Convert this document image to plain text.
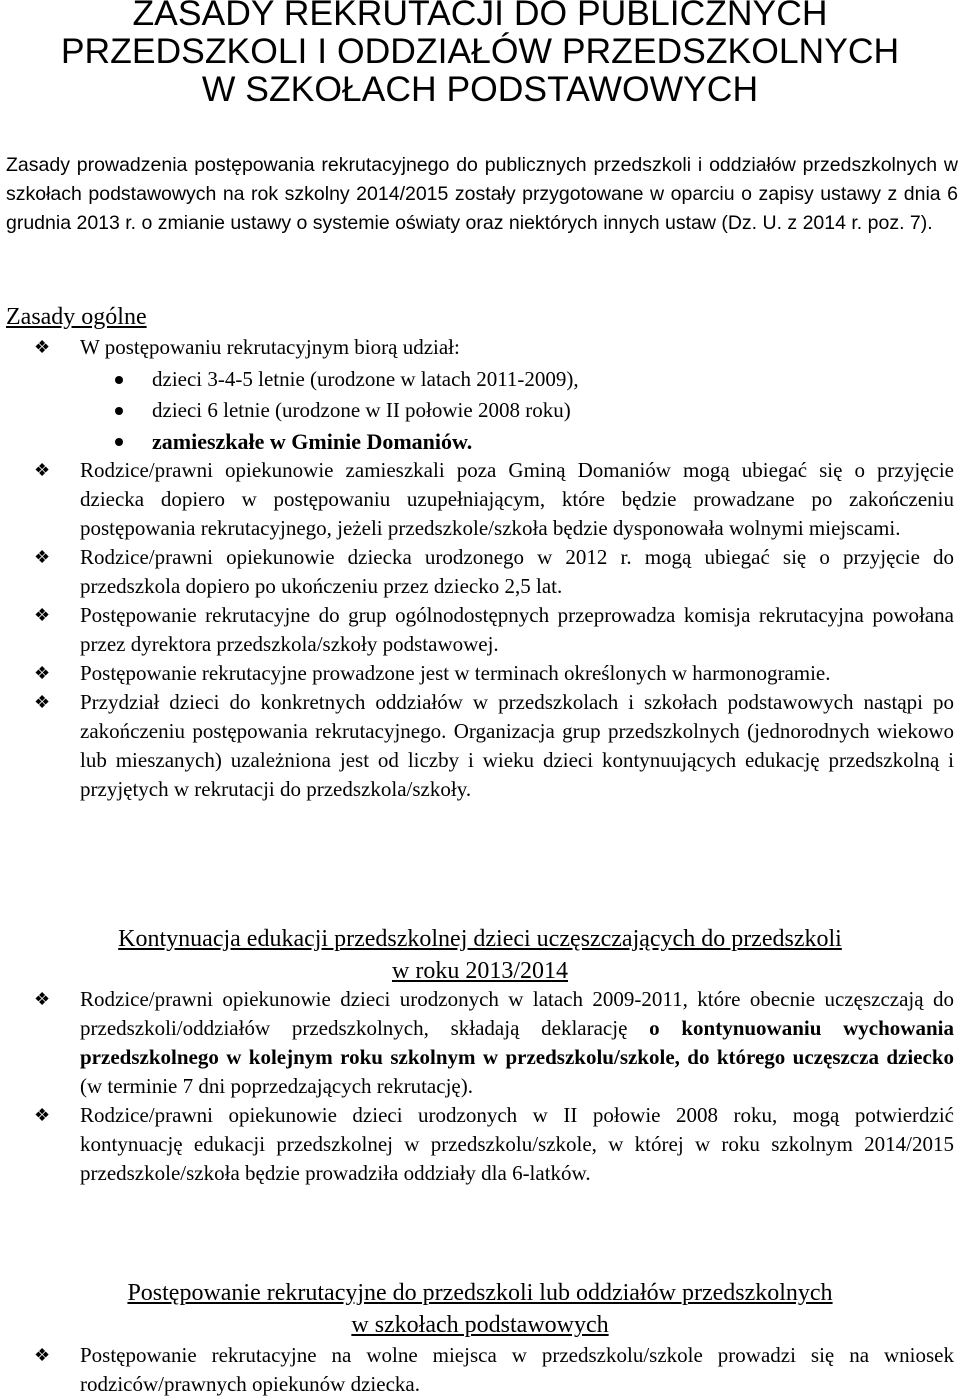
ZASADY REKRUTACJI DO PUBLICZNYCH
PRZEDSZKOLI I ODDZIAŁÓW PRZEDSZKOLNYCH
W SZKOŁACH PODSTAWOWYCH

Zasady prowadzenia postępowania rekrutacyjnego do publicznych przedszkoli i oddziałów przedszkolnych w szkołach podstawowych na rok szkolny 2014/2015 zostały przygotowane w oparciu o zapisy ustawy z dnia 6 grudnia 2013 r. o zmianie ustawy o systemie oświaty oraz niektórych innych ustaw (Dz. U. z 2014 r. poz. 7).

Zasady ogólne
❖ W postępowaniu rekrutacyjnym biorą udział:
dzieci 3-4-5 letnie (urodzone w latach 2011-2009),
dzieci 6 letnie (urodzone w II połowie 2008 roku)
zamieszkałe w Gminie Domaniów.
❖ Rodzice/prawni opiekunowie zamieszkali poza Gminą Domaniów mogą ubiegać się o przyjęcie dziecka dopiero w postępowaniu uzupełniającym, które będzie prowadzane po zakończeniu postępowania rekrutacyjnego, jeżeli przedszkole/szkoła będzie dysponowała wolnymi miejscami.
❖ Rodzice/prawni opiekunowie dziecka urodzonego w 2012 r. mogą ubiegać się o przyjęcie do przedszkola dopiero po ukończeniu przez dziecko 2,5 lat.
❖ Postępowanie rekrutacyjne do grup ogólnodostępnych przeprowadza komisja rekrutacyjna powołana przez dyrektora przedszkola/szkoły podstawowej.
❖ Postępowanie rekrutacyjne prowadzone jest w terminach określonych w harmonogramie.
❖ Przydział dzieci do konkretnych oddziałów w przedszkolach i szkołach podstawowych nastąpi po zakończeniu postępowania rekrutacyjnego. Organizacja grup przedszkolnych (jednorodnych wiekowo lub mieszanych) uzależniona jest od liczby i wieku dzieci kontynuujących edukację przedszkolną i przyjętych w rekrutacji do przedszkola/szkoły.
Kontynuacja edukacji przedszkolnej dzieci uczęszczających do przedszkoli
w roku 2013/2014
❖ Rodzice/prawni opiekunowie dzieci urodzonych w latach 2009-2011, które obecnie uczęszczają do przedszkoli/oddziałów przedszkolnych, składają deklarację o kontynuowaniu wychowania przedszkolnego w kolejnym roku szkolnym w przedszkolu/szkole, do którego uczęszcza dziecko (w terminie 7 dni poprzedzających rekrutację).
❖ Rodzice/prawni opiekunowie dzieci urodzonych w II połowie 2008 roku, mogą potwierdzić kontynuację edukacji przedszkolnej w przedszkolu/szkole, w której w roku szkolnym 2014/2015 przedszkole/szkoła będzie prowadziła oddziały dla 6-latków.
Postępowanie rekrutacyjne do przedszkoli lub oddziałów przedszkolnych
w szkołach podstawowych
❖ Postępowanie rekrutacyjne na wolne miejsca w przedszkolu/szkole prowadzi się na wniosek rodziców/prawnych opiekunów dziecka.
